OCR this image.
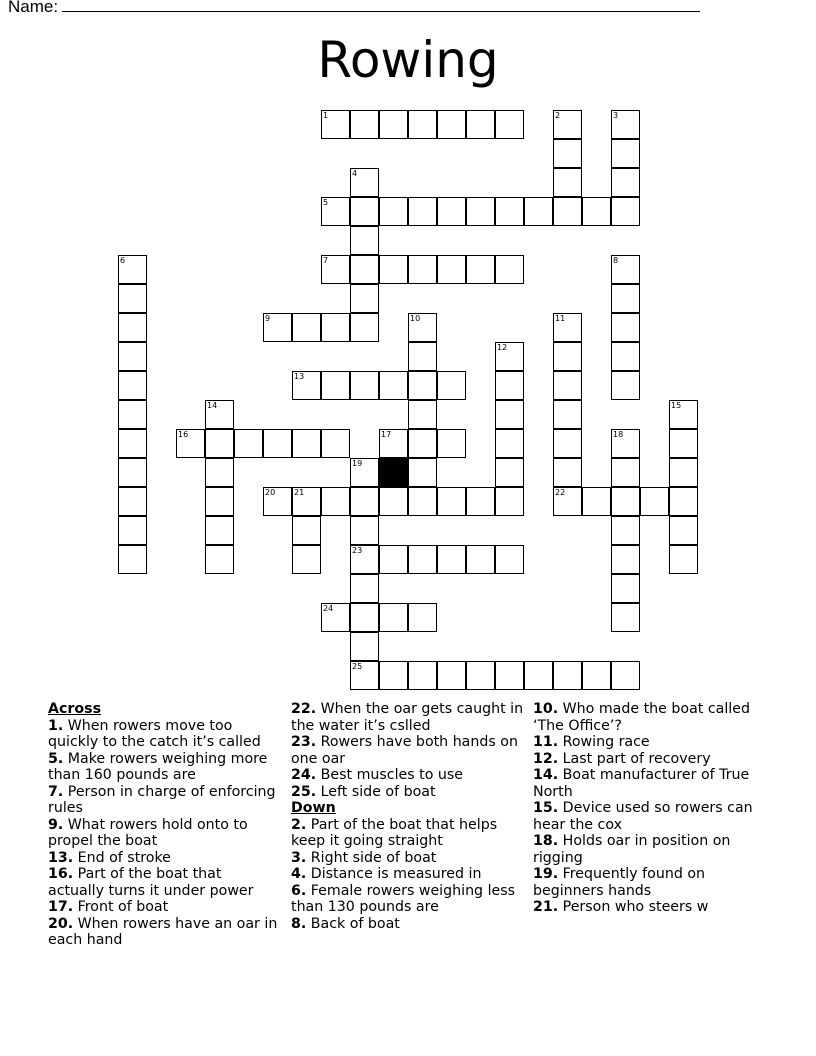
Name:
Rowing
1	2	3
4
5
6	7	8
9	10	11
12
13
14	15
16	17	18
19
20 21	22
23
24
25
Across
1. When rowers move too quickly to the catch it’s called
5. Make rowers weighing more than 160 pounds are
7. Person in charge of enforcing rules
9. What rowers hold onto to propel the boat
13. End of stroke
16. Part of the boat that actually turns it under power
17. Front of boat
20. When rowers have an oar in each hand
22. When the oar gets caught in the water it’s cslled
23. Rowers have both hands on one oar
24. Best muscles to use
25. Left side of boat
Down
2. Part of the boat that helps keep it going straight
3. Right side of boat
4. Distance is measured in
6. Female rowers weighing less than 130 pounds are
8. Back of boat
10. Who made the boat called ‘The Office’?
11. Rowing race
12. Last part of recovery
14. Boat manufacturer of True North
15. Device used so rowers can hear the cox
18. Holds oar in position on rigging
19. Frequently found on beginners hands
21. Person who steers w
